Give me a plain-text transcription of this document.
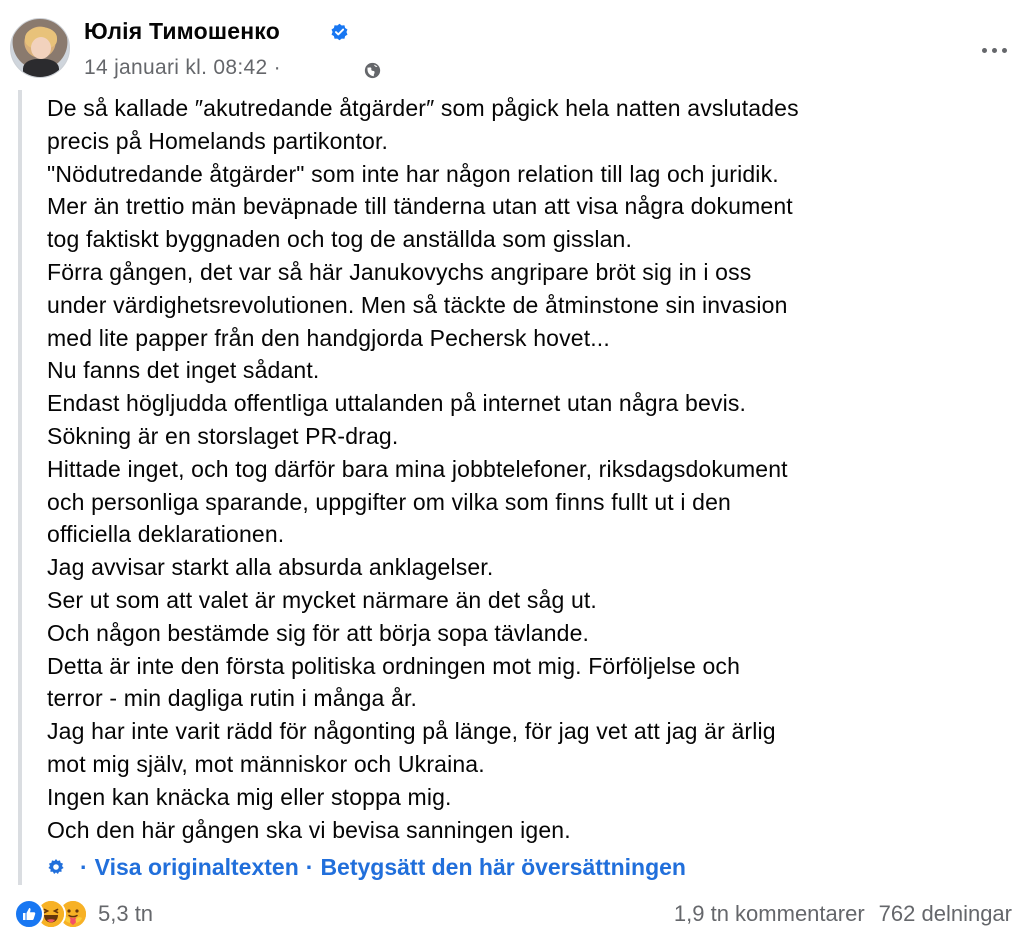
Юлія Тимошенко
14 januari kl. 08:42 ·
De så kallade ″akutredande åtgärder″ som pågick hela natten avslutades
precis på Homelands partikontor.
"Nödutredande åtgärder" som inte har någon relation till lag och juridik.
Mer än trettio män beväpnade till tänderna utan att visa några dokument
tog faktiskt byggnaden och tog de anställda som gisslan.
Förra gången, det var så här Janukovychs angripare bröt sig in i oss
under värdighetsrevolutionen. Men så täckte de åtminstone sin invasion
med lite papper från den handgjorda Pechersk hovet...
Nu fanns det inget sådant.
Endast högljudda offentliga uttalanden på internet utan några bevis.
Sökning är en storslaget PR-drag.
Hittade inget, och tog därför bara mina jobbtelefoner, riksdagsdokument
och personliga sparande, uppgifter om vilka som finns fullt ut i den
officiella deklarationen.
Jag avvisar starkt alla absurda anklagelser.
Ser ut som att valet är mycket närmare än det såg ut.
Och någon bestämde sig för att börja sopa tävlande.
Detta är inte den första politiska ordningen mot mig. Förföljelse och
terror - min dagliga rutin i många år.
Jag har inte varit rädd för någonting på länge, för jag vet att jag är ärlig
mot mig själv, mot människor och Ukraina.
Ingen kan knäcka mig eller stoppa mig.
Och den här gången ska vi bevisa sanningen igen.
· Visa originaltexten · Betygsätt den här översättningen
5,3 tn	1,9 tn kommentarer 762 delningar
